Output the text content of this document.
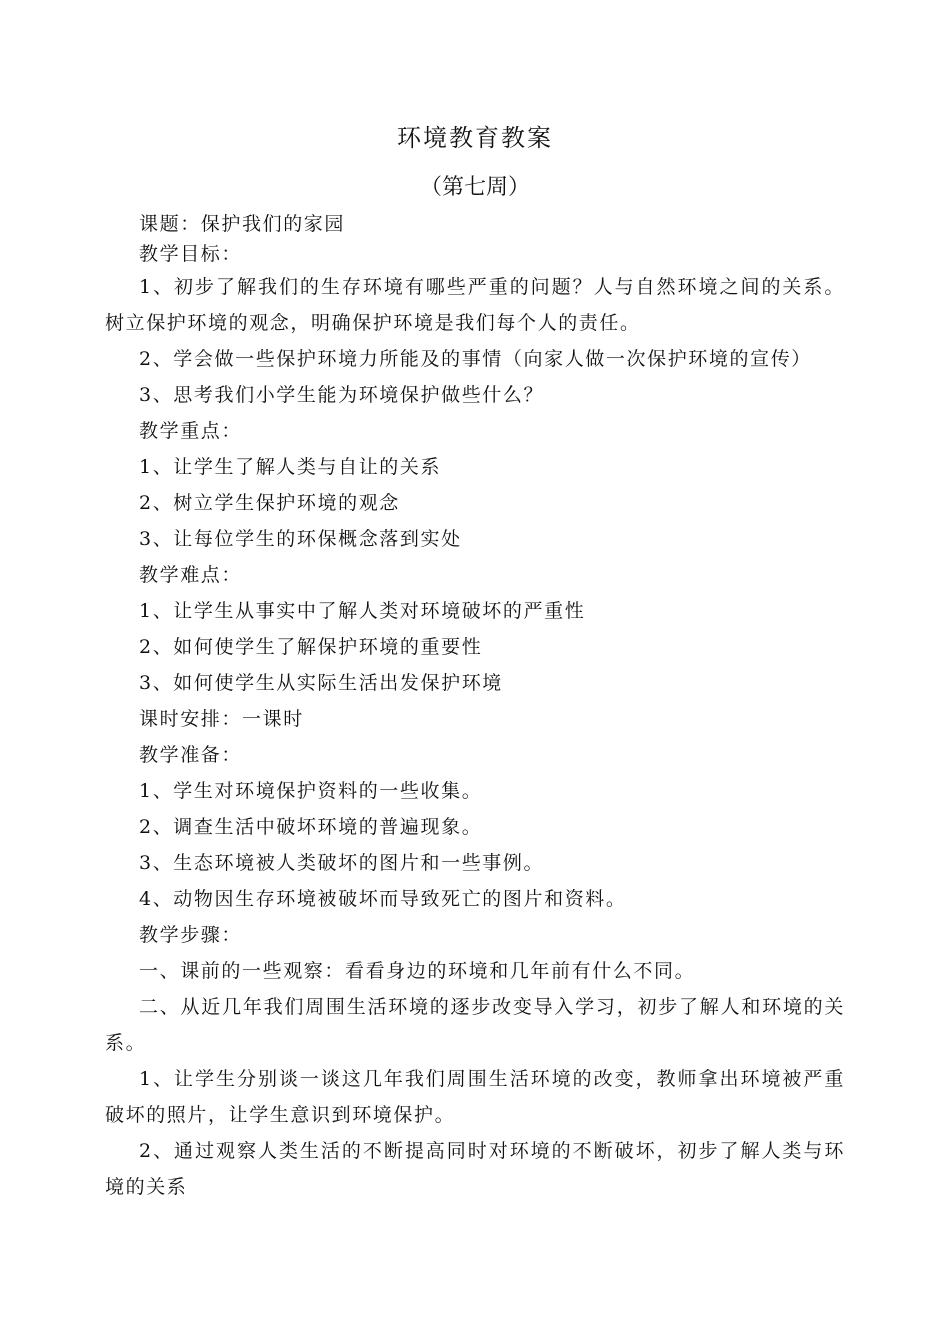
环境教育教案
（第七周）

课题：保护我们的家园

教学目标：

1、初步了解我们的生存环境有哪些严重的问题？人与自然环境之间的关系。树立保护环境的观念，明确保护环境是我们每个人的责任。

2、学会做一些保护环境力所能及的事情（向家人做一次保护环境的宣传）

3、思考我们小学生能为环境保护做些什么？

教学重点：

1、让学生了解人类与自让的关系

2、树立学生保护环境的观念

3、让每位学生的环保概念落到实处

教学难点：

1、让学生从事实中了解人类对环境破坏的严重性

2、如何使学生了解保护环境的重要性

3、如何使学生从实际生活出发保护环境

课时安排：一课时

教学准备：

1、学生对环境保护资料的一些收集。

2、调查生活中破坏环境的普遍现象。

3、生态环境被人类破坏的图片和一些事例。

4、动物因生存环境被破坏而导致死亡的图片和资料。

教学步骤：

一、课前的一些观察：看看身边的环境和几年前有什么不同。

二、从近几年我们周围生活环境的逐步改变导入学习，初步了解人和环境的关系。

1、让学生分别谈一谈这几年我们周围生活环境的改变，教师拿出环境被严重破坏的照片，让学生意识到环境保护。

2、通过观察人类生活的不断提高同时对环境的不断破坏，初步了解人类与环境的关系
